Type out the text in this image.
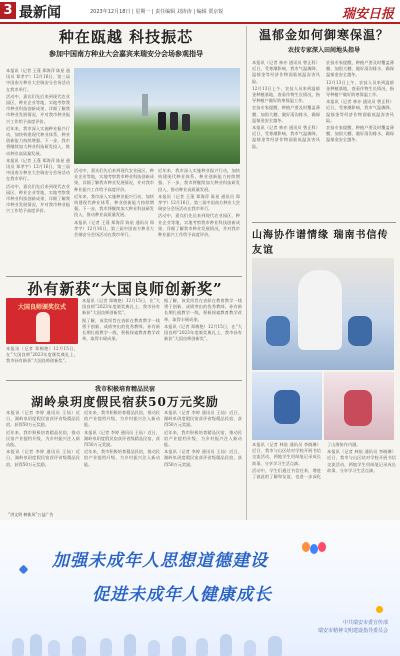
3 最新闻	2023年12月18日 | 星期一 | 责任编辑 刘涛涛 | 编辑 贾京锐	瑞安日报
种在瓯越 科技振芯
参加中国南方种业大会嘉宾来瑞安分会场参观指导

本报讯（记者 王蓬 郑海萍 陈星 通讯员 郑孝宇）12月16日，第三届中国南方种业大会瑞安分会场活动在我市举行。

活动中，嘉宾们先后来到现代农业园区、种业企业等地，实地考察我市种业科技创新成果，详细了解我市种业发展情况，并对我市种业振兴工作给予高度评价。

近年来，我市深入实施种业振兴行动，加快构建现代种业体系，种业创新能力持续增强。下一步，我市将继续加大种业科技研发投入，推动种业高质量发展。

本报讯（记者 王蓬 郑海萍 陈星 通讯员 郑孝宇）12月16日，第三届中国南方种业大会瑞安分会场活动在我市举行。

活动中，嘉宾们先后来到现代农业园区、种业企业等地，实地考察我市种业科技创新成果，详细了解我市种业发展情况，并对我市种业振兴工作给予高度评价。

活动中，嘉宾们先后来到现代农业园区、种业企业等地，实地考察我市种业科技创新成果，详细了解我市种业发展情况，并对我市种业振兴工作给予高度评价。

近年来，我市深入实施种业振兴行动，加快构建现代种业体系，种业创新能力持续增强。下一步，我市将继续加大种业科技研发投入，推动种业高质量发展。

本报讯（记者 王蓬 郑海萍 陈星 通讯员 郑孝宇）12月16日，第三届中国南方种业大会瑞安分会场活动在我市举行。

近年来，我市深入实施种业振兴行动，加快构建现代种业体系，种业创新能力持续增强。下一步，我市将继续加大种业科技研发投入，推动种业高质量发展。

本报讯（记者 王蓬 郑海萍 陈星 通讯员 郑孝宇）12月16日，第三届中国南方种业大会瑞安分会场活动在我市举行。

活动中，嘉宾们先后来到现代农业园区、种业企业等地，实地考察我市种业科技创新成果，详细了解我市种业发展情况，并对我市种业振兴工作给予高度评价。

温郁金如何御寒保温？
农技专家深入田间地头指导

本报讯（记者 林亦 通讯员 曾正科）近日，受寒潮影响，我市气温骤降，温郁金等经济作物面临低温冻害风险。

12月13日上午，农技人员来到温郁金种植基地，查看作物生长情况，指导种植户做好防寒保温工作。

农技专家提醒，种植户要及时覆盖薄膜、加固大棚，做好清沟排水，确保温郁金安全越冬。

本报讯（记者 林亦 通讯员 曾正科）近日，受寒潮影响，我市气温骤降，温郁金等经济作物面临低温冻害风险。

农技专家提醒，种植户要及时覆盖薄膜、加固大棚，做好清沟排水，确保温郁金安全越冬。

12月13日上午，农技人员来到温郁金种植基地，查看作物生长情况，指导种植户做好防寒保温工作。

本报讯（记者 林亦 通讯员 曾正科）近日，受寒潮影响，我市气温骤降，温郁金等经济作物面临低温冻害风险。

农技专家提醒，种植户要及时覆盖薄膜、加固大棚，做好清沟排水，确保温郁金安全越冬。

山海协作谱情缘 瑞南书信传友谊

本报讯（记者 林依 通讯员 李晓琳）近日，我市与山区结对学校开展书信交流活动，两地学生用纸笔记录成长故事，分享学习生活点滴。

活动中，学生们通过书信往来，增进了彼此的了解和友谊，也进一步深化了山海协作内涵。

本报讯（记者 林依 通讯员 李晓琳）近日，我市与山区结对学校开展书信交流活动，两地学生用纸笔记录成长故事，分享学习生活点滴。

孙有新获“大国良师创新奖”
大国良师颁奖仪式

本报讯（记者 郑梅艳）12月15日，在“大国良师”2023年度颁奖典礼上，我市孙有新获“大国良师创新奖”。

本报讯（记者 郑梅艳）12月15日，在“大国良师”2023年度颁奖典礼上，我市孙有新获“大国良师创新奖”。

据了解，该奖项旨在表彰在教育教学一线勇于创新、成绩突出的优秀教师。孙有新长期扎根教学一线，积极探索教育教学改革，取得丰硕成果。

据了解，该奖项旨在表彰在教育教学一线勇于创新、成绩突出的优秀教师。孙有新长期扎根教学一线，积极探索教育教学改革，取得丰硕成果。

本报讯（记者 郑梅艳）12月15日，在“大国良师”2023年度颁奖典礼上，我市孙有新获“大国良师创新奖”。

我市积极培育精品民宿
湖岭泉玥度假民宿获50万元奖励

本报讯（记者 李婷 通讯员 王仙）近日，湖岭泉玥度假民宿获评省级精品民宿，获得50万元奖励。

近年来，我市积极培育精品民宿，推动民宿产业提档升级，为乡村振兴注入新动能。

本报讯（记者 李婷 通讯员 王仙）近日，湖岭泉玥度假民宿获评省级精品民宿，获得50万元奖励。

近年来，我市积极培育精品民宿，推动民宿产业提档升级，为乡村振兴注入新动能。

本报讯（记者 李婷 通讯员 王仙）近日，湖岭泉玥度假民宿获评省级精品民宿，获得50万元奖励。

近年来，我市积极培育精品民宿，推动民宿产业提档升级，为乡村振兴注入新动能。

本报讯（记者 李婷 通讯员 王仙）近日，湖岭泉玥度假民宿获评省级精品民宿，获得50万元奖励。

近年来，我市积极培育精品民宿，推动民宿产业提档升级，为乡村振兴注入新动能。

本报讯（记者 李婷 通讯员 王仙）近日，湖岭泉玥度假民宿获评省级精品民宿，获得50万元奖励。

“讲文明 树新风”公益广告
加强未成年人思想道德建设
促进未成年人健康成长
中共瑞安市委宣传部
瑞安市精神文明建设指导委员会
